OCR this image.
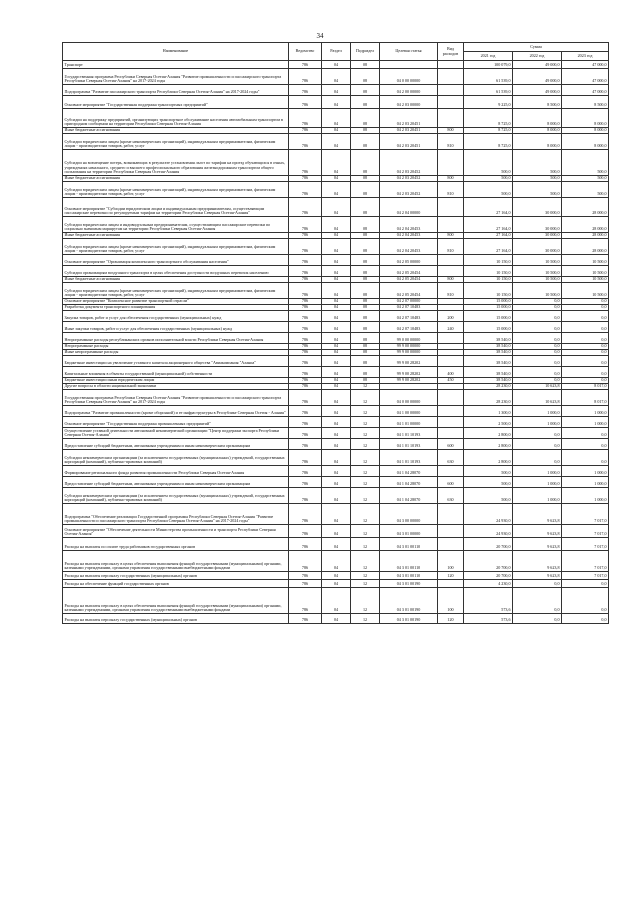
34
Наименование	Ведомство	Раздел	Подраздел	Целевая статья	Вид расходов	Сумма		
						2021 год	2022 год	2023 год
Транспорт	786	04	08			100 079,0	49 000,0	47 000,0
Государственная программа Республики Северная Осетия-Алания "Развитие промышленности и пассажирского транспорта Республики Северная Осетия-Алания" на 2017-2024 годы	786	04	08	04 0 00 00000		61 539,0	49 000,0	47 000,0
Подпрограмма "Развитие пассажирского транспорта Республики Северная Осетия-Алания" на 2017-2024 годы"	786	04	08	04 2 00 00000		61 539,0	49 000,0	47 000,0
Основное мероприятие "Государственная поддержка транспортных предприятий"	786	04	08	04 2 03 00000		9 225,0	8 500,0	8 500,0
Субсидии на поддержку предприятий, организующих транспортное обслуживание населения автомобильным транспортом в пригородном сообщении на территории Республики Северная Осетия-Алания	786	04	08	04 2 03 20451		8 725,0	8 000,0	8 000,0
Иные бюджетные ассигнования	786	04	08	04 2 03 20451	800	8 725,0	8 000,0	8 000,0
Субсидии юридическим лицам (кроме некоммерческих организаций), индивидуальным предпринимателям, физическим лицам - производителям товаров, работ, услуг	786	04	08	04 2 03 20451	810	8 725,0	8 000,0	8 000,0
Субсидии на возмещение потерь, возникающих в результате установления льгот по тарифам на проезд обучающихся в очных, учреждениях начального, среднего и высшего профессионального образования железнодорожным транспортом общего пользования на территории Республики Северная Осетия-Алания	786	04	08	04 2 03 20452		500,0	500,0	500,0
Иные бюджетные ассигнования	786	04	08	04 2 03 20452	800	500,0	500,0	500,0
Субсидии юридическим лицам (кроме некоммерческих организаций), индивидуальным предпринимателям, физическим лицам - производителям товаров, работ, услуг	786	04	08	04 2 03 20452	810	500,0	500,0	500,0
Основное мероприятие "Субсидии юридическим лицам и индивидуальным предпринимателям, осуществляющим пассажирские перевозки по регулируемым тарифам на территории Республики Северная Осетия-Алания"	786	04	08	04 2 04 00000		27 164,0	30 000,0	28 000,0
Субсидии юридическим лицам и индивидуальным предпринимателям, осуществляющим пассажирские перевозки по социально значимым маршрутам на территории Республики Северная Осетия-Алания	786	04	08	04 2 04 20453		27 164,0	30 000,0	28 000,0
Иные бюджетные ассигнования	786	04	08	04 2 04 20453	800	27 164,0	30 000,0	28 000,0
Субсидии юридическим лицам (кроме некоммерческих организаций), индивидуальным предпринимателям, физическим лицам - производителям товаров, работ, услуг	786	04	08	04 2 04 20453	810	27 164,0	30 000,0	28 000,0
Основное мероприятие "Организация комплексного транспортного обслуживания населения"	786	04	08	04 2 05 00000		10 150,0	10 500,0	10 500,0
Субсидии организациям воздушного транспорта в целях обеспечения доступности воздушных перевозок населению	786	04	08	04 2 05 20454		10 150,0	10 500,0	10 500,0
Иные бюджетные ассигнования	786	04	08	04 2 05 20454	800	10 150,0	10 500,0	10 500,0
Субсидии юридическим лицам (кроме некоммерческих организаций), индивидуальным предпринимателям, физическим лицам - производителям товаров, работ, услуг	786	04	08	04 2 05 20454	810	10 150,0	10 500,0	10 500,0
Основное мероприятие "Комплексное развитие транспортной отрасли"	786	04	08	04 2 07 00000		15 000,0	0,0	0,0
Разработка документа транспортного планирования	786	04	08	04 2 07 10483		15 000,0	0,0	0,0
Закупка товаров, работ и услуг для обеспечения государственных (муниципальных) нужд	786	04	08	04 2 07 10483	200	15 000,0	0,0	0,0
Иные закупки товаров, работ и услуг для обеспечения государственных (муниципальных) нужд	786	04	08	04 2 07 10483	240	15 000,0	0,0	0,0
Непрограммные расходы республиканских органов исполнительной власти Республики Северная Осетия-Алания	786	04	08	99 0 00 00000		38 540,0	0,0	0,0
Непрограммные расходы	786	04	08	99 9 00 00000		38 540,0	0,0	0,0
Иные непрограммные расходы	786	04	08	99 9 00 00000		38 540,0	0,0	0,0
Бюджетные инвестиции на увеличение уставного капитала акционерного общества "Авиакомпания "Аланиа"	786	04	08	99 9 00 28202		38 540,0	0,0	0,0
Капитальные вложения в объекты государственной (муниципальной) собственности	786	04	08	99 9 00 28202	400	38 540,0	0,0	0,0
Бюджетные инвестиции иным юридическим лицам	786	04	08	99 9 00 28202	450	38 540,0	0,0	0,0
Другие вопросы в области национальной экономики	786	04	12			28 230,0	10 623,8	8 017,0
Государственная программа Республики Северная Осетия-Алания "Развитие промышленности и пассажирского транспорта Республики Северная Осетия-Алания" на 2017-2024 годы	786	04	12	04 0 00 00000		28 230,0	10 623,8	8 017,0
Подпрограмма "Развитие промышленности (кроме оборонной) и ее инфраструктуры в Республике Северная Осетия - Алания"	786	04	12	04 1 00 00000		1 300,0	1 000,0	1 000,0
Основное мероприятие "Государственная поддержка промышленных предприятий"	786	04	12	04 1 01 00000		2 500,0	1 000,0	1 000,0
Осуществление уставной деятельности автономной некоммерческой организации "Центр поддержки экспорта Республики Северная Осетия-Алания"	786	04	12	04 1 01 10193		2 800,0	0,0	0,0
Предоставление субсидий бюджетным, автономным учреждениям и иным некоммерческим организациям	786	04	12	04 1 01 10193	600	2 800,0	0,0	0,0
Субсидии некоммерческим организациям (за исключением государственных (муниципальных) учреждений, государственных корпораций (компаний), публично-правовых компаний)	786	04	12	04 1 01 10193	630	2 800,0	0,0	0,0
Формирование регионального фонда развития промышленности Республики Северная Осетия-Алания	786	04	12	04 1 04 28070		500,0	1 000,0	1 000,0
Предоставление субсидий бюджетным, автономным учреждениям и иным некоммерческим организациям	786	04	12	04 1 04 28070	600	500,0	1 000,0	1 000,0
Субсидии некоммерческим организациям (за исключением государственных (муниципальных) учреждений, государственных корпораций (компаний), публично-правовых компаний)	786	04	12	04 1 04 28070	630	500,0	1 000,0	1 000,0
Подпрограмма "Обеспечение реализации Государственной программы Республики Северная Осетия-Алания "Развитие промышленности и пассажирского транспорта Республики Северная Осетия-Алания" на 2017-2024 годы"	786	04	12	04 3 00 00000		24 930,0	9 623,8	7 017,0
Основное мероприятие "Обеспечение деятельности Министерства промышленности и транспорта Республики Северная Осетия-Алания"	786	04	12	04 3 01 00000		24 930,0	9 623,8	7 017,0
Расходы на выплаты по оплате труда работников государственных органов	786	04	12	04 3 01 00110		20 700,0	9 623,8	7 017,0
Расходы на выплаты персоналу в целях обеспечения выполнения функций государственными (муниципальными) органами, казенными учреждениями, органами управления государственными внебюджетными фондами	786	04	12	04 3 01 00110	100	20 700,0	9 623,8	7 017,0
Расходы на выплаты персоналу государственных (муниципальных) органов	786	04	12	04 3 01 00110	120	20 700,0	9 623,8	7 017,0
Расходы на обеспечение функций государственных органов	786	04	12	04 3 01 00190		4 230,0	0,0	0,0
Расходы на выплаты персоналу в целях обеспечения выполнения функций государственными (муниципальными) органами, казенными учреждениями, органами управления государственными внебюджетными фондами	786	04	12	04 3 01 00190	100	573,6	0,0	0,0
Расходы на выплаты персоналу государственных (муниципальных) органов	786	04	12	04 3 01 00190	120	573,6	0,0	0,0
